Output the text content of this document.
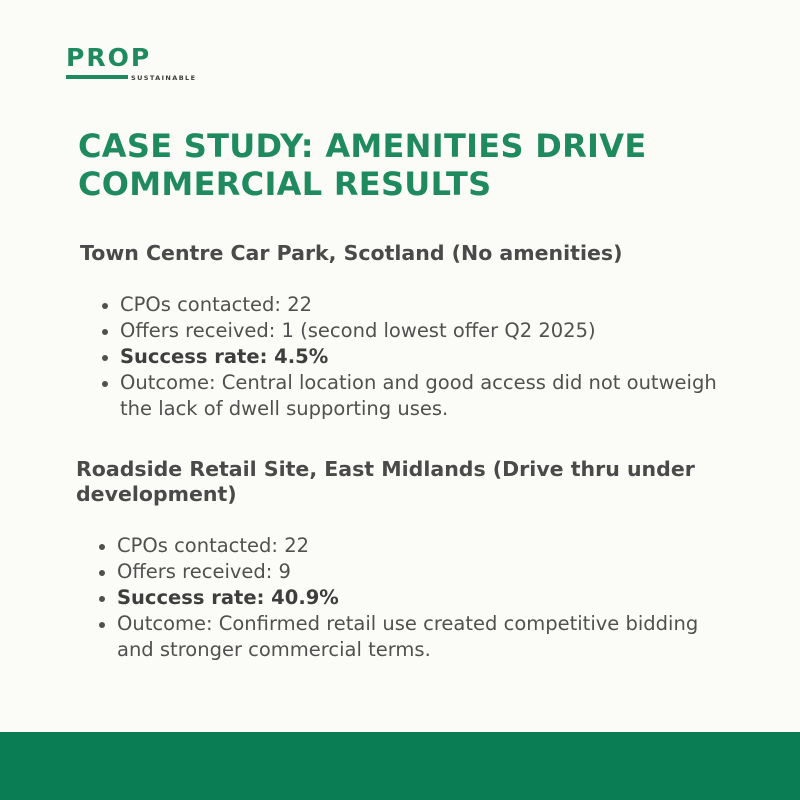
PROP
SUSTAINABLE
CASE STUDY: AMENITIES DRIVE COMMERCIAL RESULTS
Town Centre Car Park, Scotland (No amenities)
CPOs contacted: 22
Offers received: 1 (second lowest offer Q2 2025)
Success rate: 4.5%
Outcome: Central location and good access did not outweigh the lack of dwell supporting uses.
Roadside Retail Site, East Midlands (Drive thru under development)
CPOs contacted: 22
Offers received: 9
Success rate: 40.9%
Outcome: Confirmed retail use created competitive bidding and stronger commercial terms.
